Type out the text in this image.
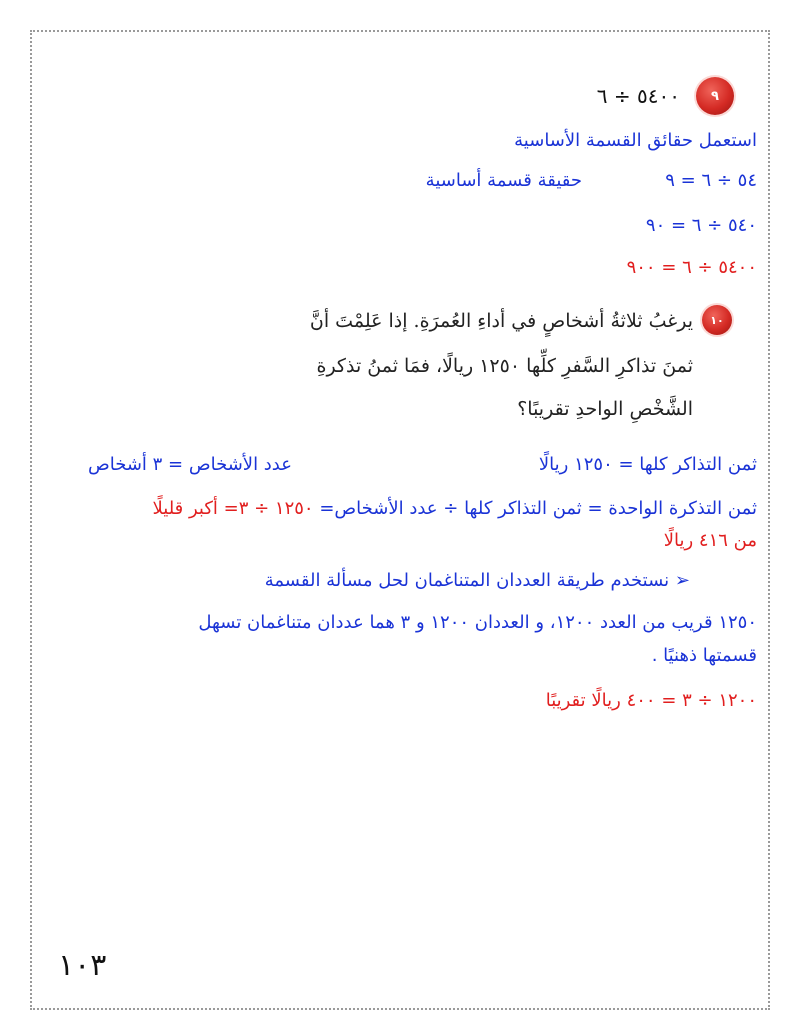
٩
٥٤٠٠ ÷ ٦
استعمل حقائق القسمة الأساسية
٥٤ ÷ ٦ = ٩
حقيقة قسمة أساسية
٥٤٠ ÷ ٦ = ٩٠
٥٤٠٠ ÷ ٦ = ٩٠٠
١٠
يرغبُ ثلاثةُ أشخاصٍ في أداءِ العُمرَةِ. إذا عَلِمْتَ أنَّ
ثمنَ تذاكرِ السَّفرِ كلِّها ١٢٥٠ ريالًا، فمَا ثمنُ تذكرةِ
الشَّخْصِ الواحدِ تقريبًا؟
ثمن التذاكر كلها = ١٢٥٠ ريالًا
عدد الأشخاص = ٣ أشخاص
ثمن التذكرة الواحدة = ثمن التذاكر كلها ÷ عدد الأشخاص= ١٢٥٠ ÷ ٣= أكبر قليلًا
من ٤١٦ ريالًا
➢ نستخدم طريقة العددان المتناغمان لحل مسألة القسمة
١٢٥٠ قريب من العدد ١٢٠٠، و العددان ١٢٠٠ و ٣ هما عددان متناغمان تسهل
قسمتها ذهنيًا .
١٢٠٠ ÷ ٣ = ٤٠٠ ريالًا تقريبًا
١٠٣
